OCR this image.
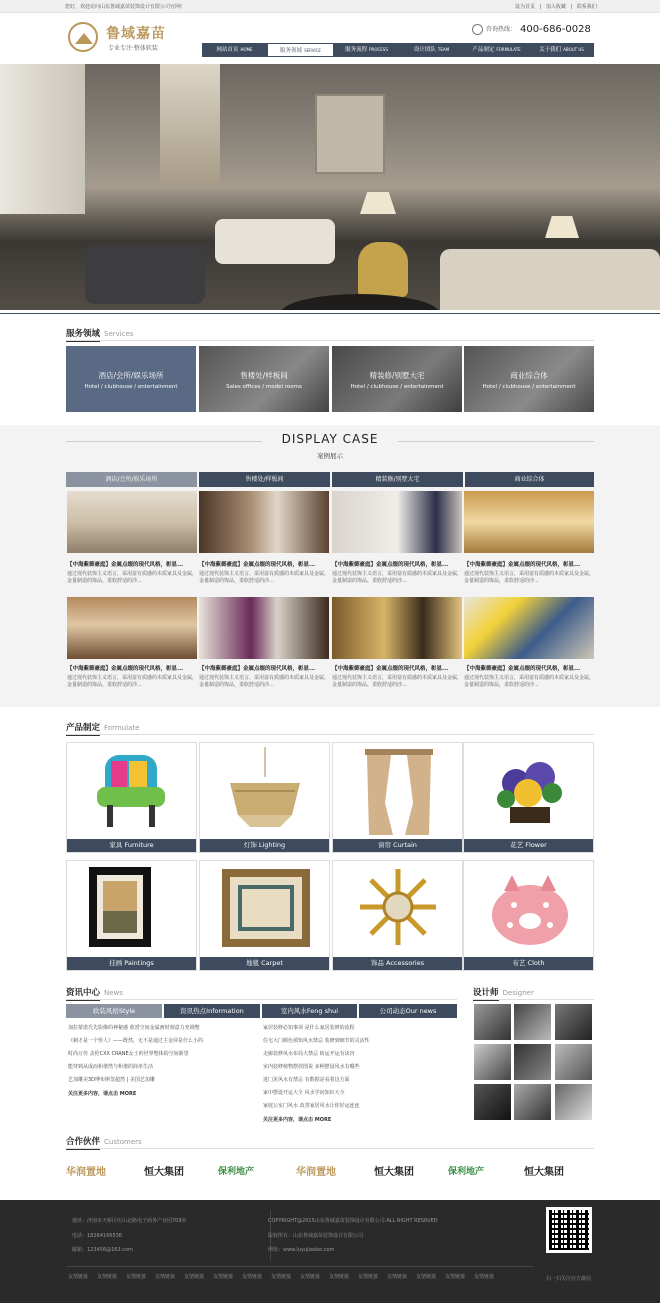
您好，欢迎访问山东鲁域嘉苗装饰设计有限公司官网!	设为首页 | 加入收藏 | 联系我们
鲁域嘉苗
专业专注·整体软装
咨询热线： 400-686-0028
网站首页 HOME	服务领域 SERVICE	服务流程 PROCESS	设计团队 TEAM	产品制定 FORMULATE	关于我们 ABOUT US
服务领域 Services
酒店/会所/娱乐场所
Hotel / clubhouse / entertainment
售楼处/样板间
Sales offices / model rooms
精装修/别墅大宅
Hotel / clubhouse / entertainment
商业综合体
Hotel / clubhouse / entertainment
DISPLAY CASE
案例展示
酒店/会所/娱乐场所	售楼处/样板间	精装修/别墅大宅	商业综合体
【中海紫御豪庭】金属点缀的现代风格，彰显...	【中海紫御豪庭】金属点缀的现代风格，彰显...	【中海紫御豪庭】金属点缀的现代风格，彰显...	【中海紫御豪庭】金属点缀的现代风格，彰显...
通过现代装饰主义语言，采用富有质感的木质家具及金属，金量制造的饰品，柔软舒适的沙...
通过现代装饰主义语言，采用富有质感的木质家具及金属，金量制造的饰品，柔软舒适的沙...
通过现代装饰主义语言，采用富有质感的木质家具及金属，金量制造的饰品，柔软舒适的沙...
通过现代装饰主义语言，采用富有质感的木质家具及金属，金量制造的饰品，柔软舒适的沙...
【中海紫御豪庭】金属点缀的现代风格，彰显...	【中海紫御豪庭】金属点缀的现代风格，彰显...	【中海紫御豪庭】金属点缀的现代风格，彰显...	【中海紫御豪庭】金属点缀的现代风格，彰显...
通过现代装饰主义语言，采用富有质感的木质家具及金属，金量制造的饰品，柔软舒适的沙...
通过现代装饰主义语言，采用富有质感的木质家具及金属，金量制造的饰品，柔软舒适的沙...
通过现代装饰主义语言，采用富有质感的木质家具及金属，金量制造的饰品，柔软舒适的沙...
通过现代装饰主义语言，采用富有质感的木质家具及金属，金量制造的饰品，柔软舒适的沙...
产品制定 Formulate
家具 Furniture	灯饰 Lighting	窗帘 Curtain	花艺 Flower
挂画 Paintings	地毯 Carpet	饰品 Accessories	布艺 Cloth
资讯中心 News
软装风格Style	资讯热点Information	室内风水Feng shui	公司动态Our news
加拉蒙诺氏先影像的神秘感 欣赏空间金属画时刻意力充调整
《刺才是一个怪人》——既然，无不是通过主金屏是什么小的
时尚万佳 盖伦CXX CRANE女士的世界整体的空间新里
能穿到从成而和谐然与和谐的简单生活
艺加雕美3D博布斯签超然 | 美国艺加雕
关注更多内容，请点击 MORE
家居装修必知事项 是什么家居装修的流程
住宅大门颜色须知风水禁忌 装修到细节的灵活性
走廊装修风水布局大禁忌 转运开运有诀窍
室内装修植物摆放图说 多种摆设风水有哪些
进门见风水有禁忌 有数据是看着这方面
家中摆设开运大全 风水学问知识大全
家庭公室门风水 改善家居风水让你好运连连
关注更多内容，请点击 MORE
设计师 Designer
合作伙伴 Customers
华润置地	恒大集团	保利地产	华润置地	恒大集团	保利地产	恒大集团
地址：济南市天桥区历山北路电子商务产业园709室
电话：18264166536
邮箱：123456@163.com
COPYRIGHT@2015山东鲁域嘉苗装饰设计有限公司.ALL RIGHT RESRVED
版权所有：山东鲁域嘉苗装饰设计有限公司
网址：www.luyujiadao.com
扫一扫关注官方微信
友情链接 友情链接 友情链接 友情链接 友情链接 友情链接 友情链接 友情链接 友情链接 友情链接 友情链接 友情链接 友情链接 友情链接 友情链接
